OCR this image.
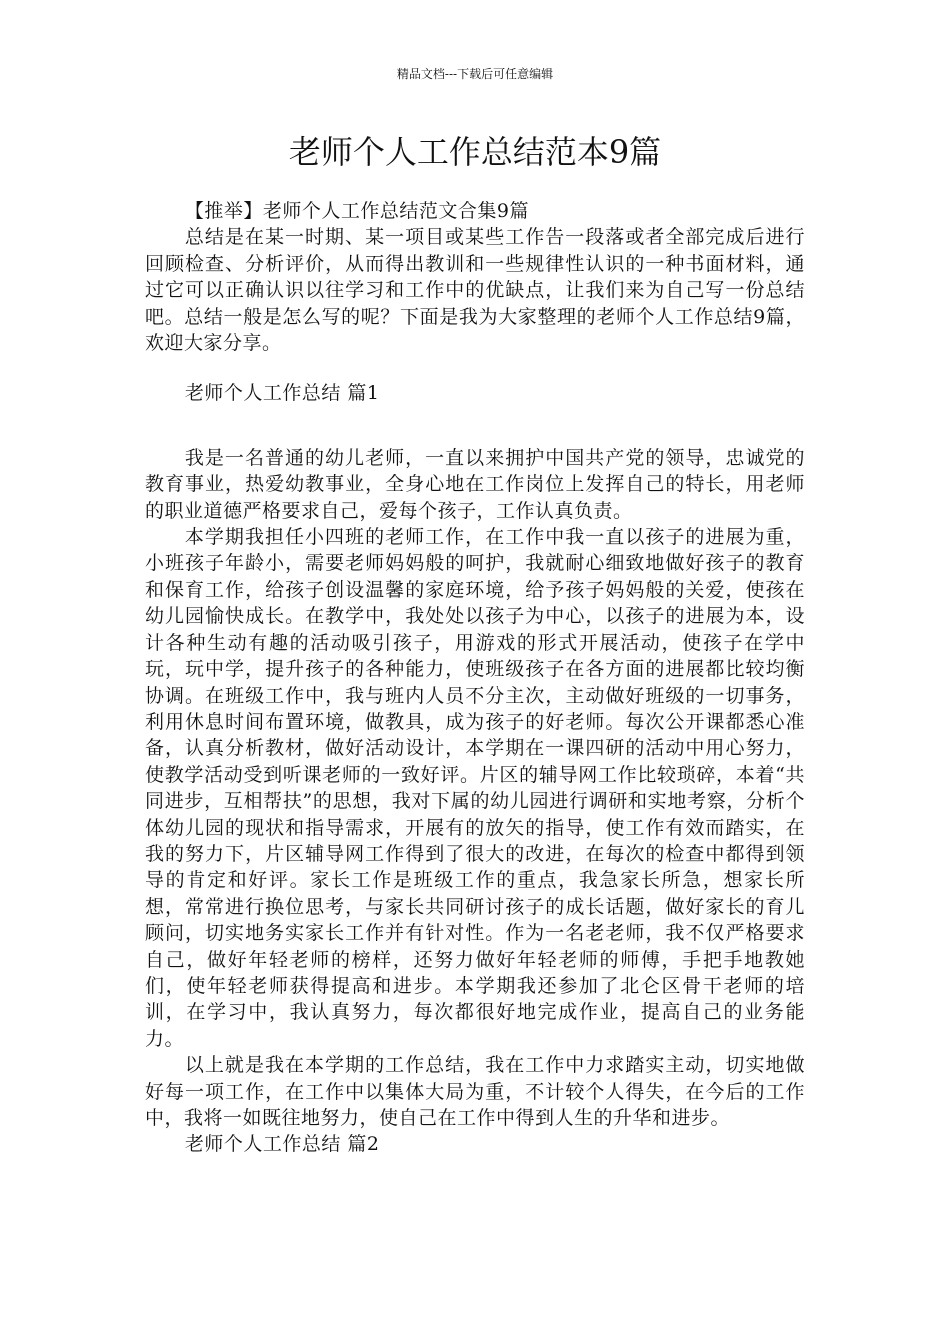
精品文档---下载后可任意编辑
老师个人工作总结范本9篇

【推举】老师个人工作总结范文合集9篇

总结是在某一时期、某一项目或某些工作告一段落或者全部完成后进行回顾检查、分析评价，从而得出教训和一些规律性认识的一种书面材料，通过它可以正确认识以往学习和工作中的优缺点，让我们来为自己写一份总结吧。总结一般是怎么写的呢？下面是我为大家整理的老师个人工作总结9篇，欢迎大家分享。

老师个人工作总结 篇1

我是一名普通的幼儿老师，一直以来拥护中国共产党的领导，忠诚党的教育事业，热爱幼教事业，全身心地在工作岗位上发挥自己的特长，用老师的职业道德严格要求自己，爱每个孩子，工作认真负责。

本学期我担任小四班的老师工作，在工作中我一直以孩子的进展为重，小班孩子年龄小，需要老师妈妈般的呵护，我就耐心细致地做好孩子的教育和保育工作，给孩子创设温馨的家庭环境，给予孩子妈妈般的关爱，使孩在幼儿园愉快成长。在教学中，我处处以孩子为中心，以孩子的进展为本，设计各种生动有趣的活动吸引孩子，用游戏的形式开展活动，使孩子在学中玩，玩中学，提升孩子的各种能力，使班级孩子在各方面的进展都比较均衡协调。在班级工作中，我与班内人员不分主次，主动做好班级的一切事务，利用休息时间布置环境，做教具，成为孩子的好老师。每次公开课都悉心准备，认真分析教材，做好活动设计，本学期在一课四研的活动中用心努力，使教学活动受到听课老师的一致好评。片区的辅导网工作比较琐碎，本着“共同进步，互相帮扶”的思想，我对下属的幼儿园进行调研和实地考察，分析个体幼儿园的现状和指导需求，开展有的放矢的指导，使工作有效而踏实，在我的努力下，片区辅导网工作得到了很大的改进，在每次的检查中都得到领导的肯定和好评。家长工作是班级工作的重点，我急家长所急，想家长所想，常常进行换位思考，与家长共同研讨孩子的成长话题，做好家长的育儿顾问，切实地务实家长工作并有针对性。作为一名老老师，我不仅严格要求自己，做好年轻老师的榜样，还努力做好年轻老师的师傅，手把手地教她们，使年轻老师获得提高和进步。本学期我还参加了北仑区骨干老师的培训，在学习中，我认真努力，每次都很好地完成作业，提高自己的业务能力。

以上就是我在本学期的工作总结，我在工作中力求踏实主动，切实地做好每一项工作，在工作中以集体大局为重，不计较个人得失，在今后的工作中，我将一如既往地努力，使自己在工作中得到人生的升华和进步。

老师个人工作总结 篇2
